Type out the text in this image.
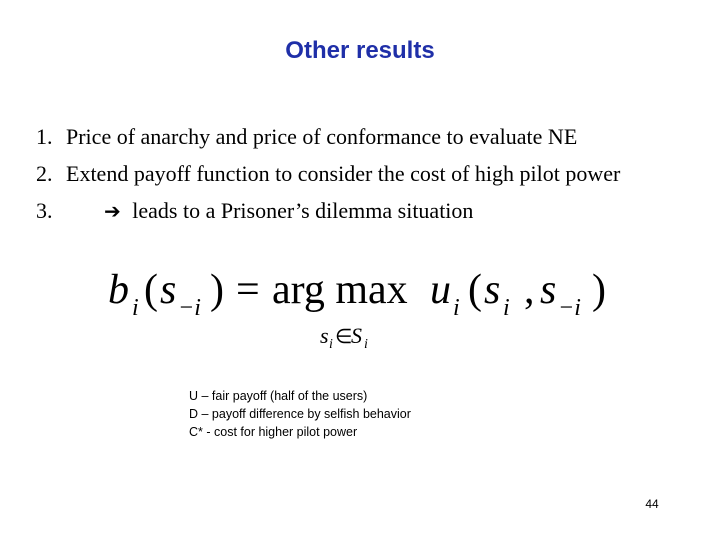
Other results
1. Price of anarchy and price of conformance to evaluate NE
2. Extend payoff function to consider the cost of high pilot power
3.	➔ leads to a Prisoner’s dilemma situation
b i ( s −i ) = arg max
s i ∈
S i
u i ( s i , s −i )
U – fair payoff (half of the users)
D – payoff difference by selfish behavior
C* - cost for higher pilot power
44
